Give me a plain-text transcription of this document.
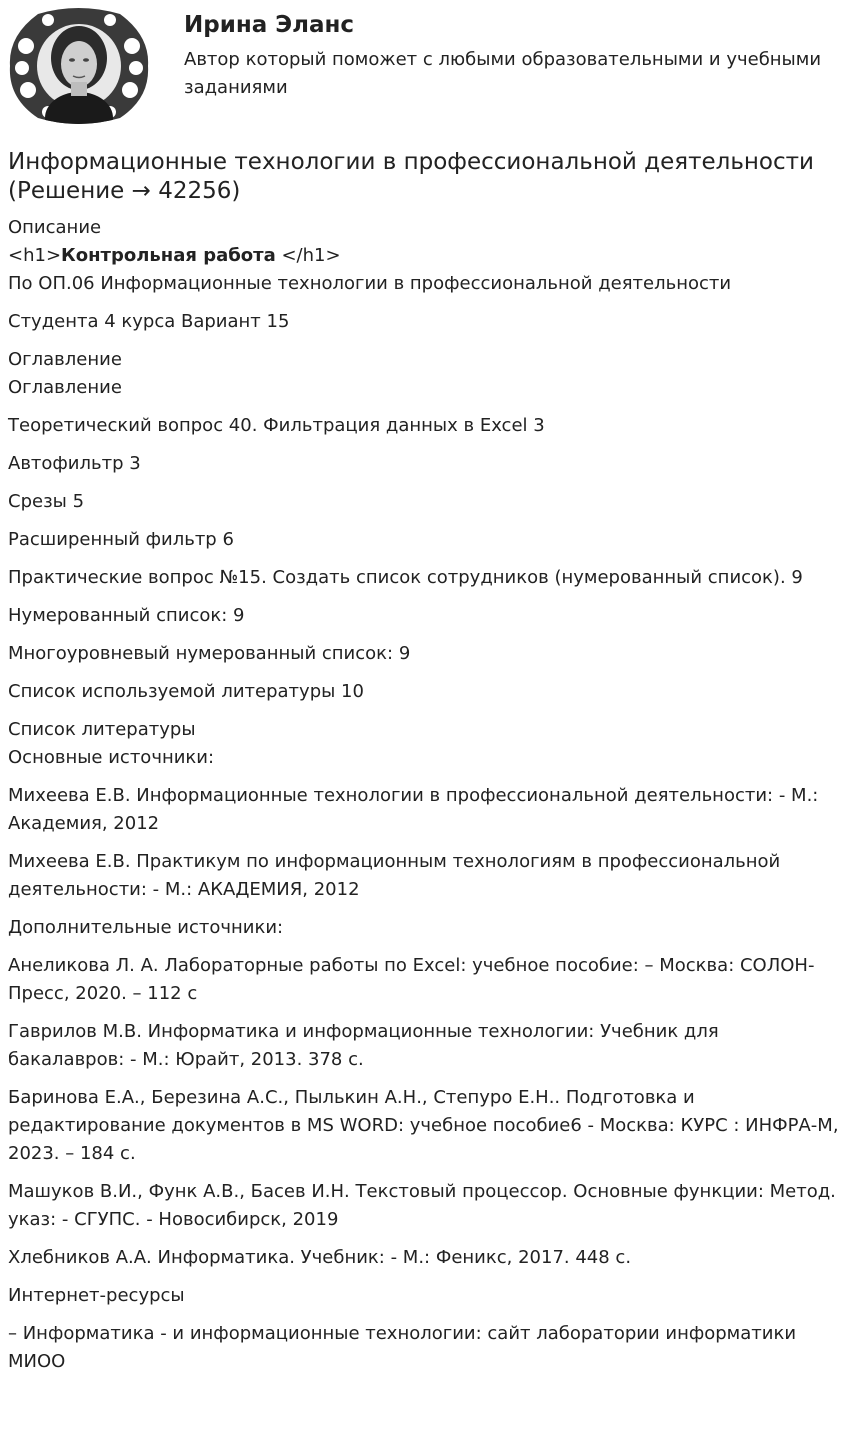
Ирина Эланс
Автор который поможет с любыми образовательными и учебными заданиями
Информационные технологии в профессиональной деятельности (Решение → 42256)
Описание
<h1>Контрольная работа </h1>
По ОП.06 Информационные технологии в профессиональной деятельности
Студента 4 курса Вариант 15
Оглавление
Оглавление
Теоретический вопрос 40. Фильтрация данных в Excel 3
Автофильтр 3
Срезы 5
Расширенный фильтр 6
Практические вопрос №15. Создать список сотрудников (нумерованный список). 9
Нумерованный список: 9
Многоуровневый нумерованный список: 9
Список используемой литературы 10
Список литературы
Основные источники:
Михеева Е.В. Информационные технологии в профессиональной деятельности: - М.: Академия, 2012
Михеева Е.В. Практикум по информационным технологиям в профессиональной деятельности: - М.: АКАДЕМИЯ, 2012
Дополнительные источники:
Анеликова Л. А. Лабораторные работы по Excel: учебное пособие: – Москва: СОЛОН-Пресс, 2020. – 112 с
Гаврилов М.В. Информатика и информационные технологии: Учебник для бакалавров: - М.: Юрайт, 2013. 378 с.
Баринова Е.А., Березина А.С., Пылькин А.Н., Степуро Е.Н.. Подготовка и редактирование документов в MS WORD: учебное пособие6 - Москва: КУРС : ИНФРА-М, 2023. – 184 с.
Машуков В.И., Функ А.В., Басев И.Н. Текстовый процессор. Основные функции: Метод. указ: - СГУПС. - Новосибирск, 2019
Хлебников А.А. Информатика. Учебник: - М.: Феникс, 2017. 448 с.
Интернет-ресурсы
– Информатика - и информационные технологии: сайт лаборатории информатики МИОО
